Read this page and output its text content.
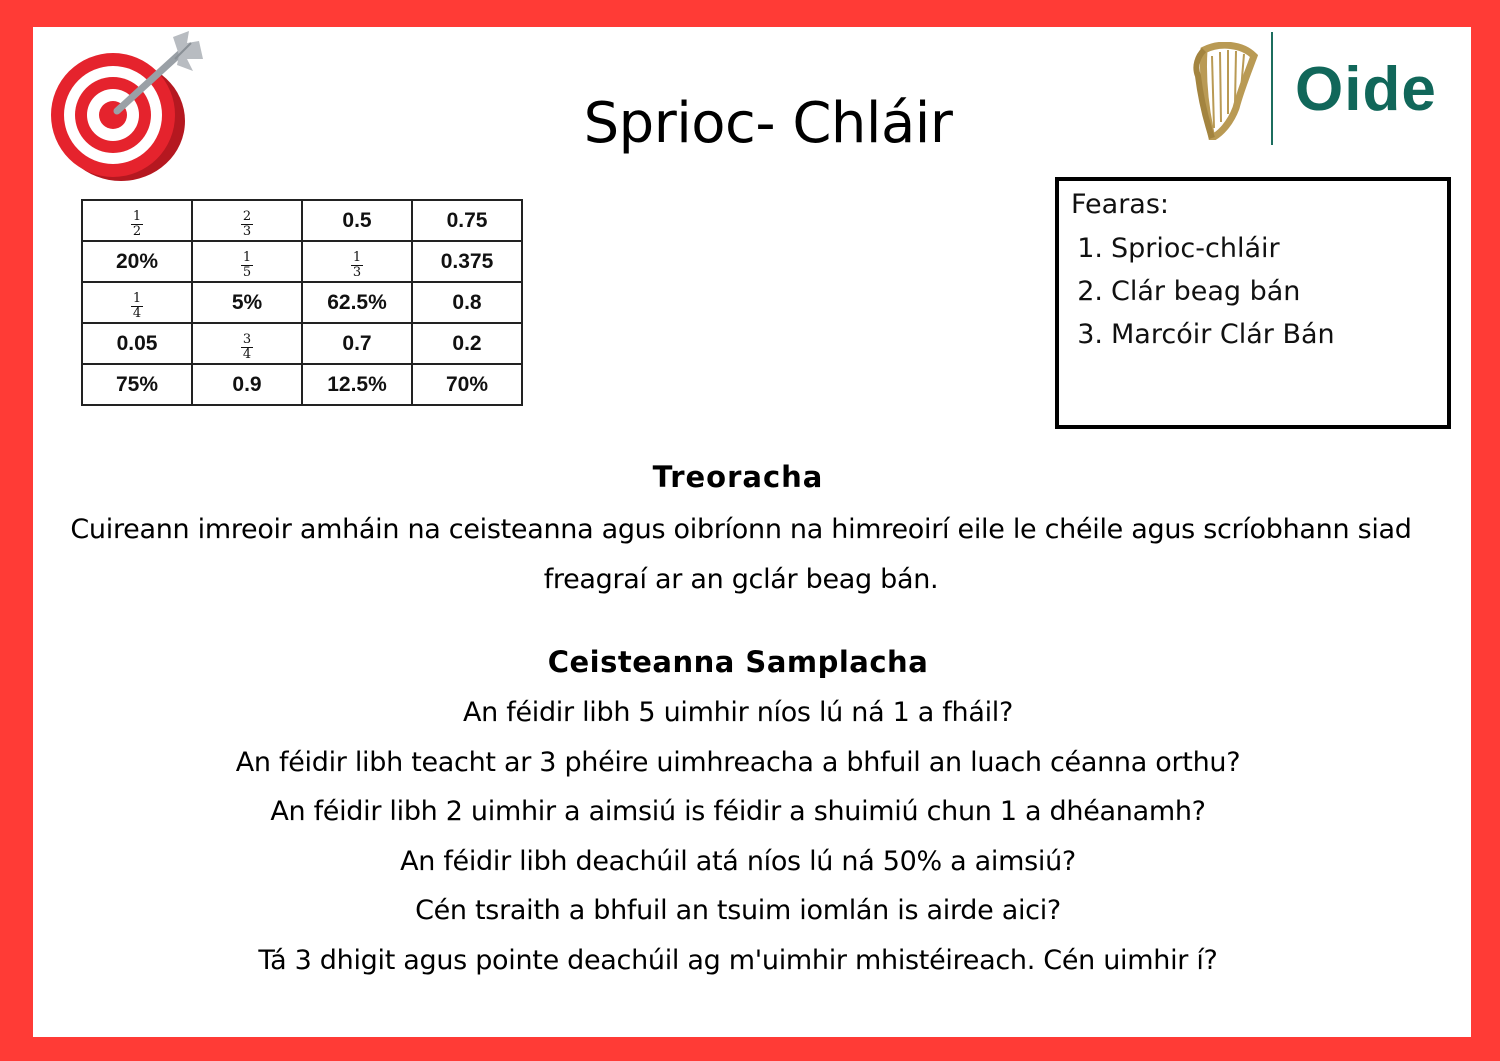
Sprioc- Chláir	Oide
$\frac{1}{2}$	$\frac{2}{3}$	0.5	0.75
20%	$\frac{1}{5}$	$\frac{1}{3}$	0.375

$\frac{1}{4}$	5%	62.5%	0.8
0.05	$\frac{3}{4}$	0.7	0.2
75%	0.9	12.5%	70%
Fearas:
1. Sprioc-chláir
2. Clár beag bán
3. Marcóir Clár Bán
Treoracha
Cuireann imreoir amháin na ceisteanna agus oibríonn na himreoirí eile le chéile agus scríobhann siad freagraí ar an gclár beag bán.
Ceisteanna Samplacha
An féidir libh 5 uimhir níos lú ná 1 a fháil?
An féidir libh teacht ar 3 phéire uimhreacha a bhfuil an luach céanna orthu?
An féidir libh 2 uimhir a aimsiú is féidir a shuimiú chun 1 a dhéanamh?
An féidir libh deachúil atá níos lú ná 50% a aimsiú?
Cén tsraith a bhfuil an tsuim iomlán is airde aici?
Tá 3 dhigit agus pointe deachúil ag m'uimhir mhistéireach. Cén uimhir í?
